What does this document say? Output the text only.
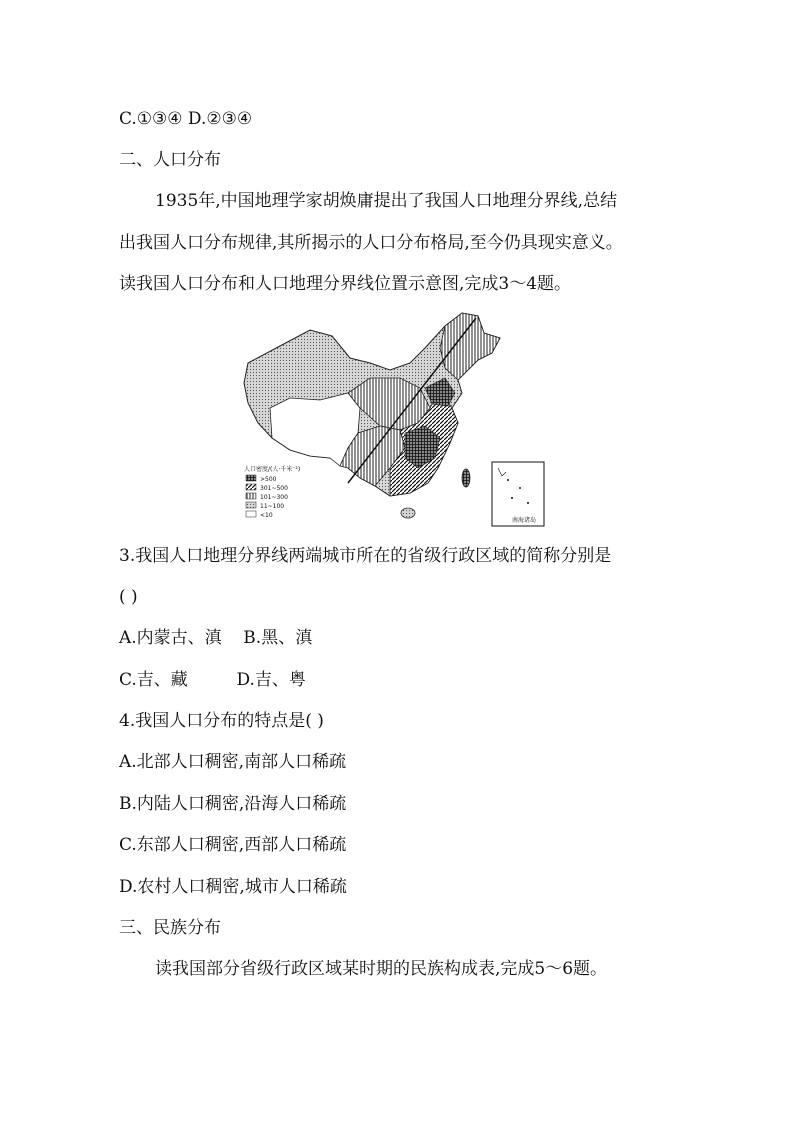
C.①③④ D.②③④
二、人口分布
1935年,中国地理学家胡焕庸提出了我国人口地理分界线,总结
出我国人口分布规律,其所揭示的人口分布格局,至今仍具现实意义。
读我国人口分布和人口地理分界线位置示意图,完成3～4题。
人口密度/(人·千米⁻²)
>500
301~500
101~300
11~100
<10
南海诸岛
3.我国人口地理分界线两端城市所在的省级行政区域的简称分别是
( )
A.内蒙古、滇    B.黑、滇
C.吉、藏         D.吉、粤
4.我国人口分布的特点是( )
A.北部人口稠密,南部人口稀疏
B.内陆人口稠密,沿海人口稀疏
C.东部人口稠密,西部人口稀疏
D.农村人口稠密,城市人口稀疏
三、民族分布
读我国部分省级行政区域某时期的民族构成表,完成5～6题。
